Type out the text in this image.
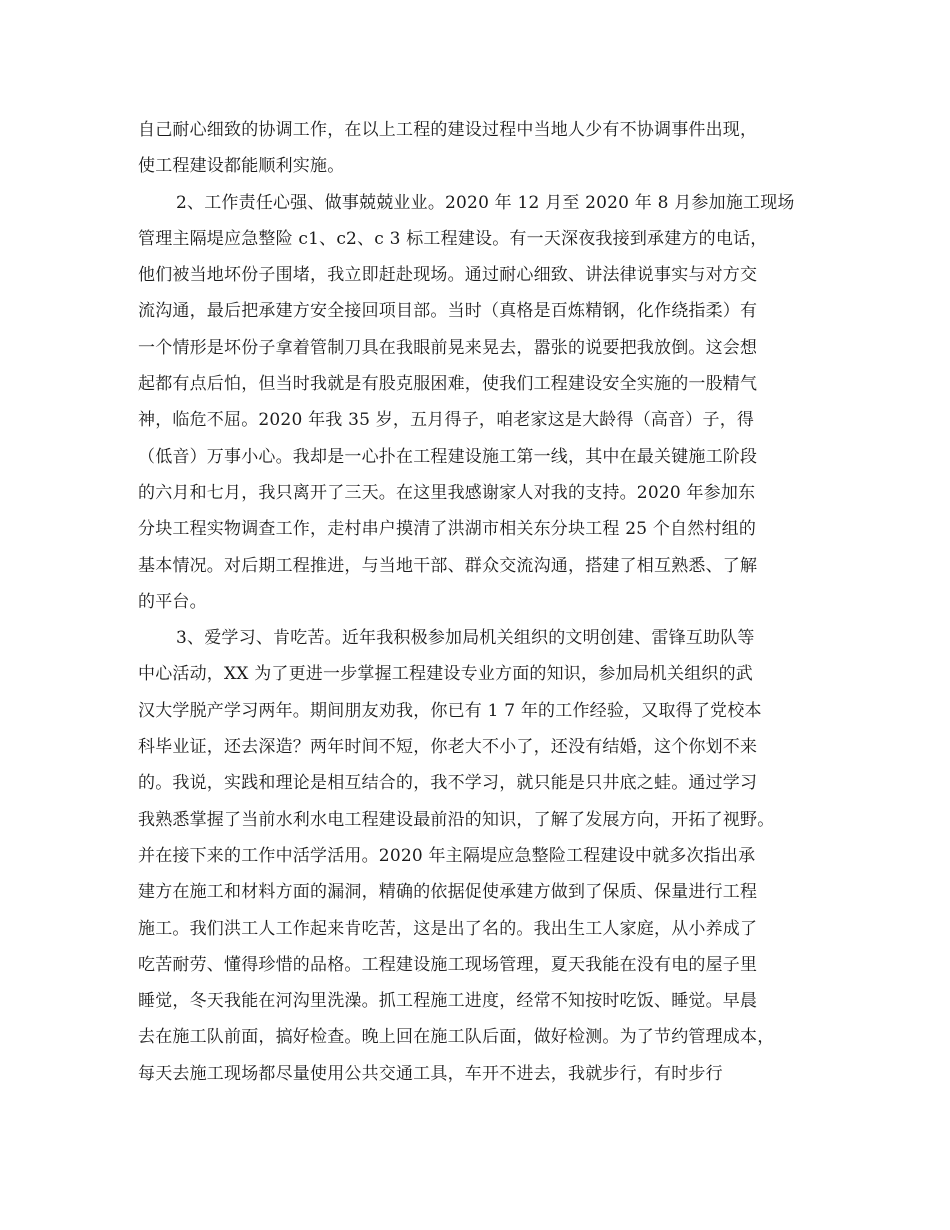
自己耐心细致的协调工作，在以上工程的建设过程中当地人少有不协调事件出现，
使工程建设都能顺利实施。
2、工作责任心强、做事兢兢业业。2020 年 12 月至 2020 年 8 月参加施工现场
管理主隔堤应急整险 c1、c2、c 3 标工程建设。有一天深夜我接到承建方的电话，
他们被当地坏份子围堵，我立即赶赴现场。通过耐心细致、讲法律说事实与对方交
流沟通，最后把承建方安全接回项目部。当时（真格是百炼精钢，化作绕指柔）有
一个情形是坏份子拿着管制刀具在我眼前晃来晃去，嚣张的说要把我放倒。这会想
起都有点后怕，但当时我就是有股克服困难，使我们工程建设安全实施的一股精气
神，临危不屈。2020 年我 35 岁，五月得子，咱老家这是大龄得（高音）子，得
（低音）万事小心。我却是一心扑在工程建设施工第一线，其中在最关键施工阶段
的六月和七月，我只离开了三天。在这里我感谢家人对我的支持。2020 年参加东
分块工程实物调查工作，走村串户摸清了洪湖市相关东分块工程 25 个自然村组的
基本情况。对后期工程推进，与当地干部、群众交流沟通，搭建了相互熟悉、了解
的平台。
3、爱学习、肯吃苦。近年我积极参加局机关组织的文明创建、雷锋互助队等
中心活动，XX 为了更进一步掌握工程建设专业方面的知识，参加局机关组织的武
汉大学脱产学习两年。期间朋友劝我，你已有 1 7 年的工作经验，又取得了党校本
科毕业证，还去深造？两年时间不短，你老大不小了，还没有结婚，这个你划不来
的。我说，实践和理论是相互结合的，我不学习，就只能是只井底之蛙。通过学习
我熟悉掌握了当前水利水电工程建设最前沿的知识，了解了发展方向，开拓了视野。
并在接下来的工作中活学活用。2020 年主隔堤应急整险工程建设中就多次指出承
建方在施工和材料方面的漏洞，精确的依据促使承建方做到了保质、保量进行工程
施工。我们洪工人工作起来肯吃苦，这是出了名的。我出生工人家庭，从小养成了
吃苦耐劳、懂得珍惜的品格。工程建设施工现场管理，夏天我能在没有电的屋子里
睡觉，冬天我能在河沟里洗澡。抓工程施工进度，经常不知按时吃饭、睡觉。早晨
去在施工队前面，搞好检查。晚上回在施工队后面，做好检测。为了节约管理成本，
每天去施工现场都尽量使用公共交通工具，车开不进去，我就步行，有时步行
